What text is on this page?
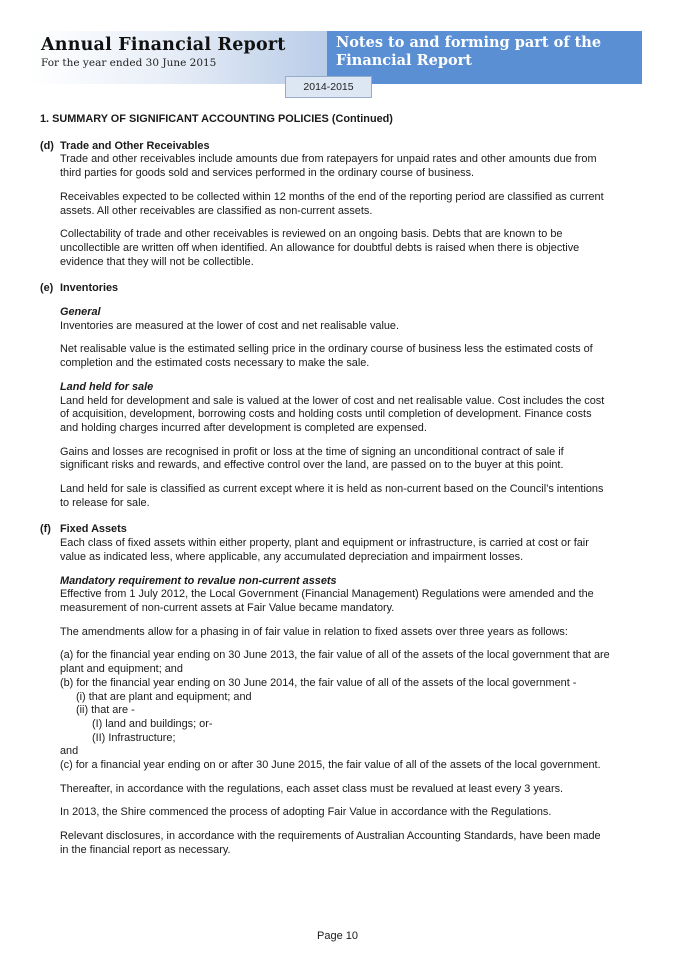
Annual Financial Report
For the year ended 30 June 2015
Notes to and forming part of the Financial Report
2014-2015

1. SUMMARY OF SIGNIFICANT ACCOUNTING POLICIES (Continued)

(d) Trade and Other Receivables

Trade and other receivables include amounts due from ratepayers for unpaid rates and other amounts due from third parties for goods sold and services performed in the ordinary course of business.

Receivables expected to be collected within 12 months of the end of the reporting period are classified as current assets. All other receivables are classified as non-current assets.

Collectability of trade and other receivables is reviewed on an ongoing basis. Debts that are known to be uncollectible are written off when identified. An allowance for doubtful debts is raised when there is objective evidence that they will not be collectible.

(e) Inventories

General

Inventories are measured at the lower of cost and net realisable value.

Net realisable value is the estimated selling price in the ordinary course of business less the estimated costs of completion and the estimated costs necessary to make the sale.

Land held for sale

Land held for development and sale is valued at the lower of cost and net realisable value. Cost includes the cost of acquisition, development, borrowing costs and holding costs until completion of development. Finance costs and holding charges incurred after development is completed are expensed.

Gains and losses are recognised in profit or loss at the time of signing an unconditional contract of sale if significant risks and rewards, and effective control over the land, are passed on to the buyer at this point.

Land held for sale is classified as current except where it is held as non-current based on the Council’s intentions to release for sale.

(f) Fixed Assets

Each class of fixed assets within either property, plant and equipment or infrastructure, is carried at cost or fair value as indicated less, where applicable, any accumulated depreciation and impairment losses.

Mandatory requirement to revalue non-current assets

Effective from 1 July 2012, the Local Government (Financial Management) Regulations were amended and the measurement of non-current assets at Fair Value became mandatory.

The amendments allow for a phasing in of fair value in relation to fixed assets over three years as follows:

(a) for the financial year ending on 30 June 2013, the fair value of all of the assets of the local government that are plant and equipment; and

(b) for the financial year ending on 30 June 2014, the fair value of all of the assets of the local government -

(i) that are plant and equipment; and

(ii) that are -

(I) land and buildings; or-

(II) Infrastructure;

and

(c) for a financial year ending on or after 30 June 2015, the fair value of all of the assets of the local government.

Thereafter, in accordance with the regulations, each asset class must be revalued at least every 3 years.

In 2013, the Shire commenced the process of adopting Fair Value in accordance with the Regulations.

Relevant disclosures, in accordance with the requirements of Australian Accounting Standards, have been made in the financial report as necessary.

Page 10
